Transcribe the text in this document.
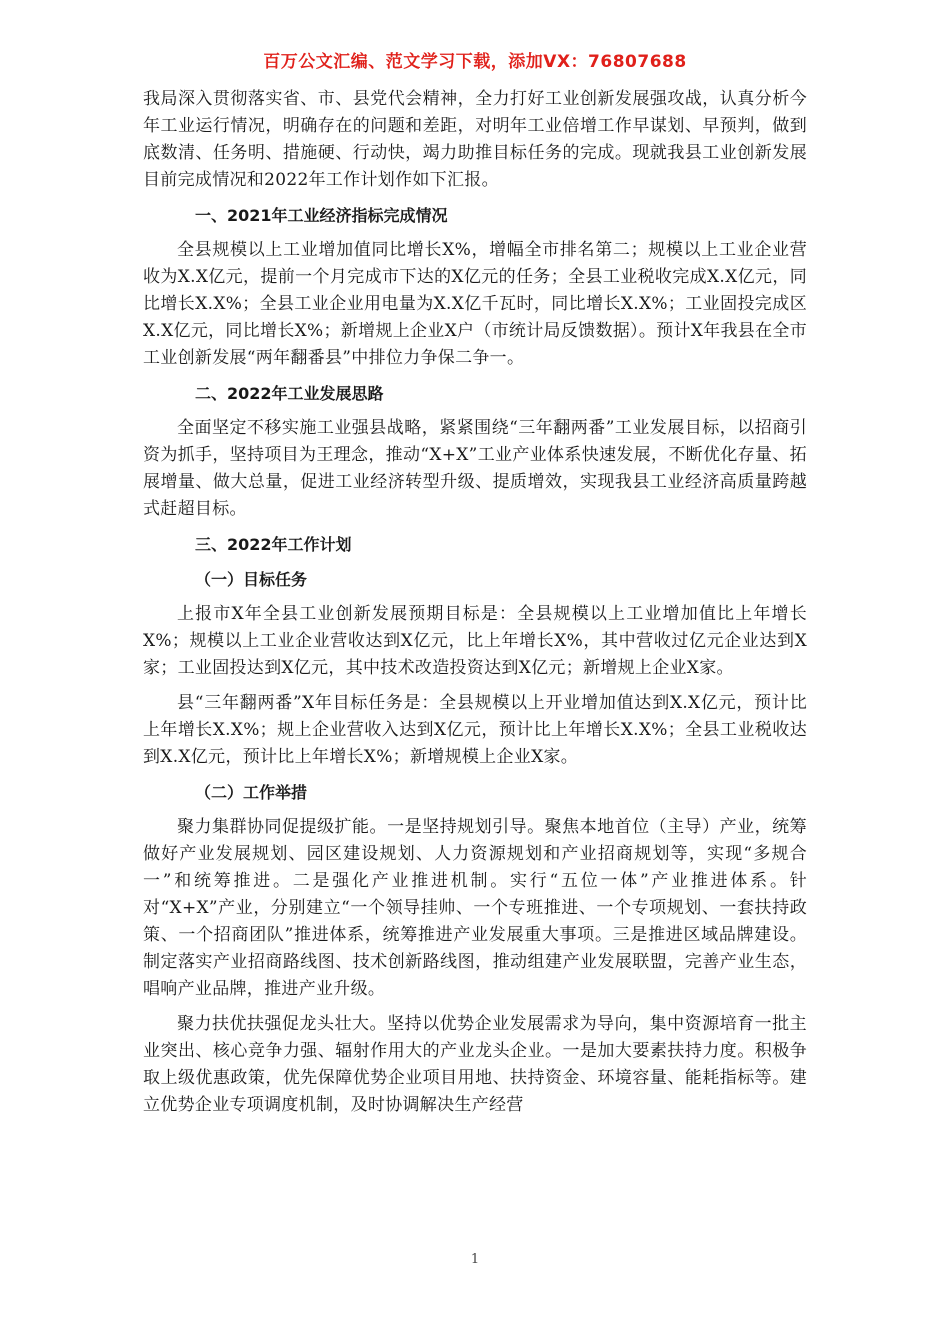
百万公文汇编、范文学习下载，添加VX：76807688

我局深入贯彻落实省、市、县党代会精神，全力打好工业创新发展强攻战，认真分析今年工业运行情况，明确存在的问题和差距，对明年工业倍增工作早谋划、早预判，做到底数清、任务明、措施硬、行动快，竭力助推目标任务的完成。现就我县工业创新发展目前完成情况和2022年工作计划作如下汇报。

一、2021年工业经济指标完成情况

全县规模以上工业增加值同比增长X%，增幅全市排名第二；规模以上工业企业营收为X.X亿元，提前一个月完成市下达的X亿元的任务；全县工业税收完成X.X亿元，同比增长X.X%；全县工业企业用电量为X.X亿千瓦时，同比增长X.X%；工业固投完成区X.X亿元，同比增长X%；新增规上企业X户（市统计局反馈数据）。预计X年我县在全市工业创新发展“两年翻番县”中排位力争保二争一。

二、2022年工业发展思路

全面坚定不移实施工业强县战略，紧紧围绕“三年翻两番”工业发展目标，以招商引资为抓手，坚持项目为王理念，推动“X+X”工业产业体系快速发展，不断优化存量、拓展增量、做大总量，促进工业经济转型升级、提质增效，实现我县工业经济高质量跨越式赶超目标。

三、2022年工作计划
（一）目标任务

上报市X年全县工业创新发展预期目标是：全县规模以上工业增加值比上年增长X%；规模以上工业企业营收达到X亿元，比上年增长X%，其中营收过亿元企业达到X家；工业固投达到X亿元，其中技术改造投资达到X亿元；新增规上企业X家。

县“三年翻两番”X年目标任务是：全县规模以上开业增加值达到X.X亿元，预计比上年增长X.X%；规上企业营收入达到X亿元，预计比上年增长X.X%；全县工业税收达到X.X亿元，预计比上年增长X%；新增规模上企业X家。

（二）工作举措

聚力集群协同促提级扩能。一是坚持规划引导。聚焦本地首位（主导）产业，统筹做好产业发展规划、园区建设规划、人力资源规划和产业招商规划等，实现“多规合一”和统筹推进。二是强化产业推进机制。实行“五位一体”产业推进体系。针对“X+X”产业，分别建立“一个领导挂帅、一个专班推进、一个专项规划、一套扶持政策、一个招商团队”推进体系，统筹推进产业发展重大事项。三是推进区域品牌建设。制定落实产业招商路线图、技术创新路线图，推动组建产业发展联盟，完善产业生态，唱响产业品牌，推进产业升级。

聚力扶优扶强促龙头壮大。坚持以优势企业发展需求为导向，集中资源培育一批主业突出、核心竞争力强、辐射作用大的产业龙头企业。一是加大要素扶持力度。积极争取上级优惠政策，优先保障优势企业项目用地、扶持资金、环境容量、能耗指标等。建立优势企业专项调度机制，及时协调解决生产经营

1
